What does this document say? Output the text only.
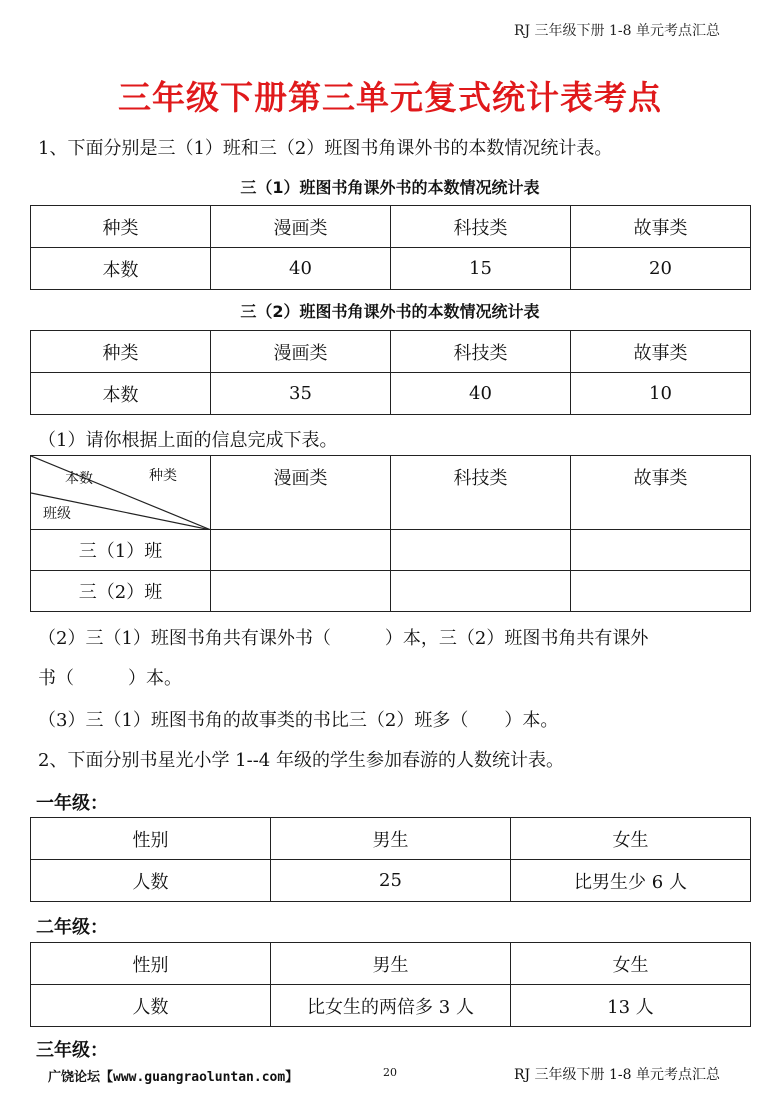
RJ 三年级下册 1-8 单元考点汇总
三年级下册第三单元复式统计表考点
1、下面分别是三（1）班和三（2）班图书角课外书的本数情况统计表。
三（1）班图书角课外书的本数情况统计表
种类	漫画类	科技类	故事类
本数	40	15	20
三（2）班图书角课外书的本数情况统计表
种类	漫画类	科技类	故事类
本数	35	40	10
（1）请你根据上面的信息完成下表。
种类
本数
班级	漫画类	科技类	故事类
三（1）班			
三（2）班			
（2）三（1）班图书角共有课外书（　　　）本，三（2）班图书角共有课外
书（　　　）本。
（3）三（1）班图书角的故事类的书比三（2）班多（　　）本。
2、下面分别书星光小学 1--4 年级的学生参加春游的人数统计表。
一年级：
性别	男生	女生
人数	25	比男生少 6 人
二年级：
性别	男生	女生
人数	比女生的两倍多 3 人	13 人
三年级：
广饶论坛【www.guangraoluntan.com】	20	RJ 三年级下册 1-8 单元考点汇总
